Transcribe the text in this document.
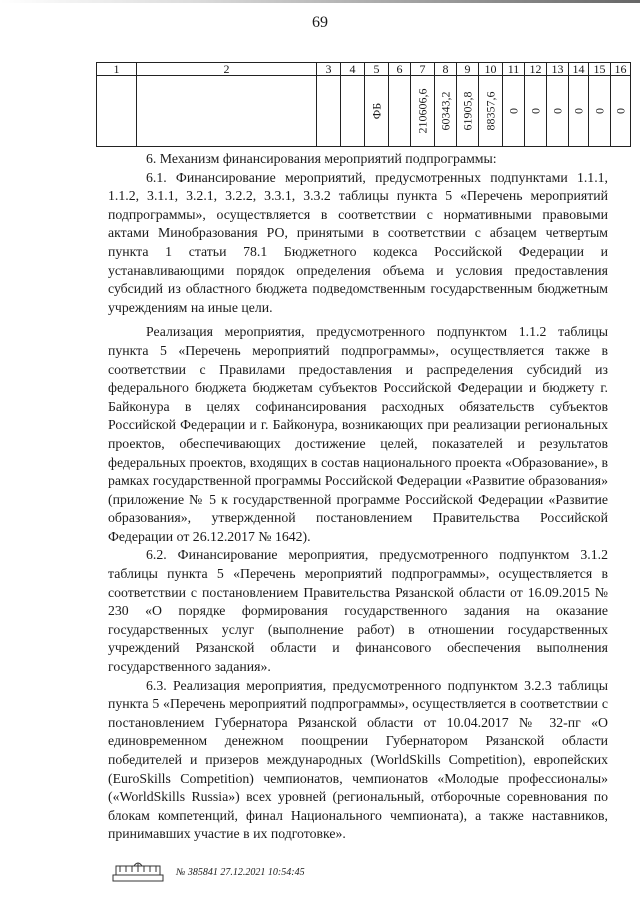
69
1	2	3	4	5	6	7	8	9	10	11	12	13	14	15	16

				ФБ		210606,6	60343,2	61905,8	88357,6	0	0	0	0	0	0

6. Механизм финансирования мероприятий подпрограммы:

6.1. Финансирование мероприятий, предусмотренных подпунктами 1.1.1, 1.1.2, 3.1.1, 3.2.1, 3.2.2, 3.3.1, 3.3.2 таблицы пункта 5 «Перечень мероприятий подпрограммы», осуществляется в соответствии с нормативными правовыми актами Минобразования РО, принятыми в соответствии с абзацем четвертым пункта 1 статьи 78.1 Бюджетного кодекса Российской Федерации и устанавливающими порядок определения объема и условия предоставления субсидий из областного бюджета подведомственным государственным бюджетным учреждениям на иные цели.

Реализация мероприятия, предусмотренного подпунктом 1.1.2 таблицы пункта 5 «Перечень мероприятий подпрограммы», осуществляется также в соответствии с Правилами предоставления и распределения субсидий из федерального бюджета бюджетам субъектов Российской Федерации и бюджету г. Байконура в целях софинансирования расходных обязательств субъектов Российской Федерации и г. Байконура, возникающих при реализации региональных проектов, обеспечивающих достижение целей, показателей и результатов федеральных проектов, входящих в состав национального проекта «Образование», в рамках государственной программы Российской Федерации «Развитие образования» (приложение № 5 к государственной программе Российской Федерации «Развитие образования», утвержденной постановлением Правительства Российской Федерации от 26.12.2017 № 1642).

6.2. Финансирование мероприятия, предусмотренного подпунктом 3.1.2 таблицы пункта 5 «Перечень мероприятий подпрограммы», осуществляется в соответствии с постановлением Правительства Рязанской области от 16.09.2015 № 230 «О порядке формирования государственного задания на оказание государственных услуг (выполнение работ) в отношении государственных учреждений Рязанской области и финансового обеспечения выполнения государственного задания».

6.3. Реализация мероприятия, предусмотренного подпунктом 3.2.3 таблицы пункта 5 «Перечень мероприятий подпрограммы», осуществляется в соответствии с постановлением Губернатора Рязанской области от 10.04.2017 № 32-пг «О единовременном денежном поощрении Губернатором Рязанской области победителей и призеров международных (WorldSkills Competition), европейских (EuroSkills Competition) чемпионатов, чемпионатов «Молодые профессионалы» («WorldSkills Russia») всех уровней (региональный, отборочные соревнования по блокам компетенций, финал Национального чемпионата), а также наставников, принимавших участие в их подготовке».

№ 385841 27.12.2021 10:54:45
